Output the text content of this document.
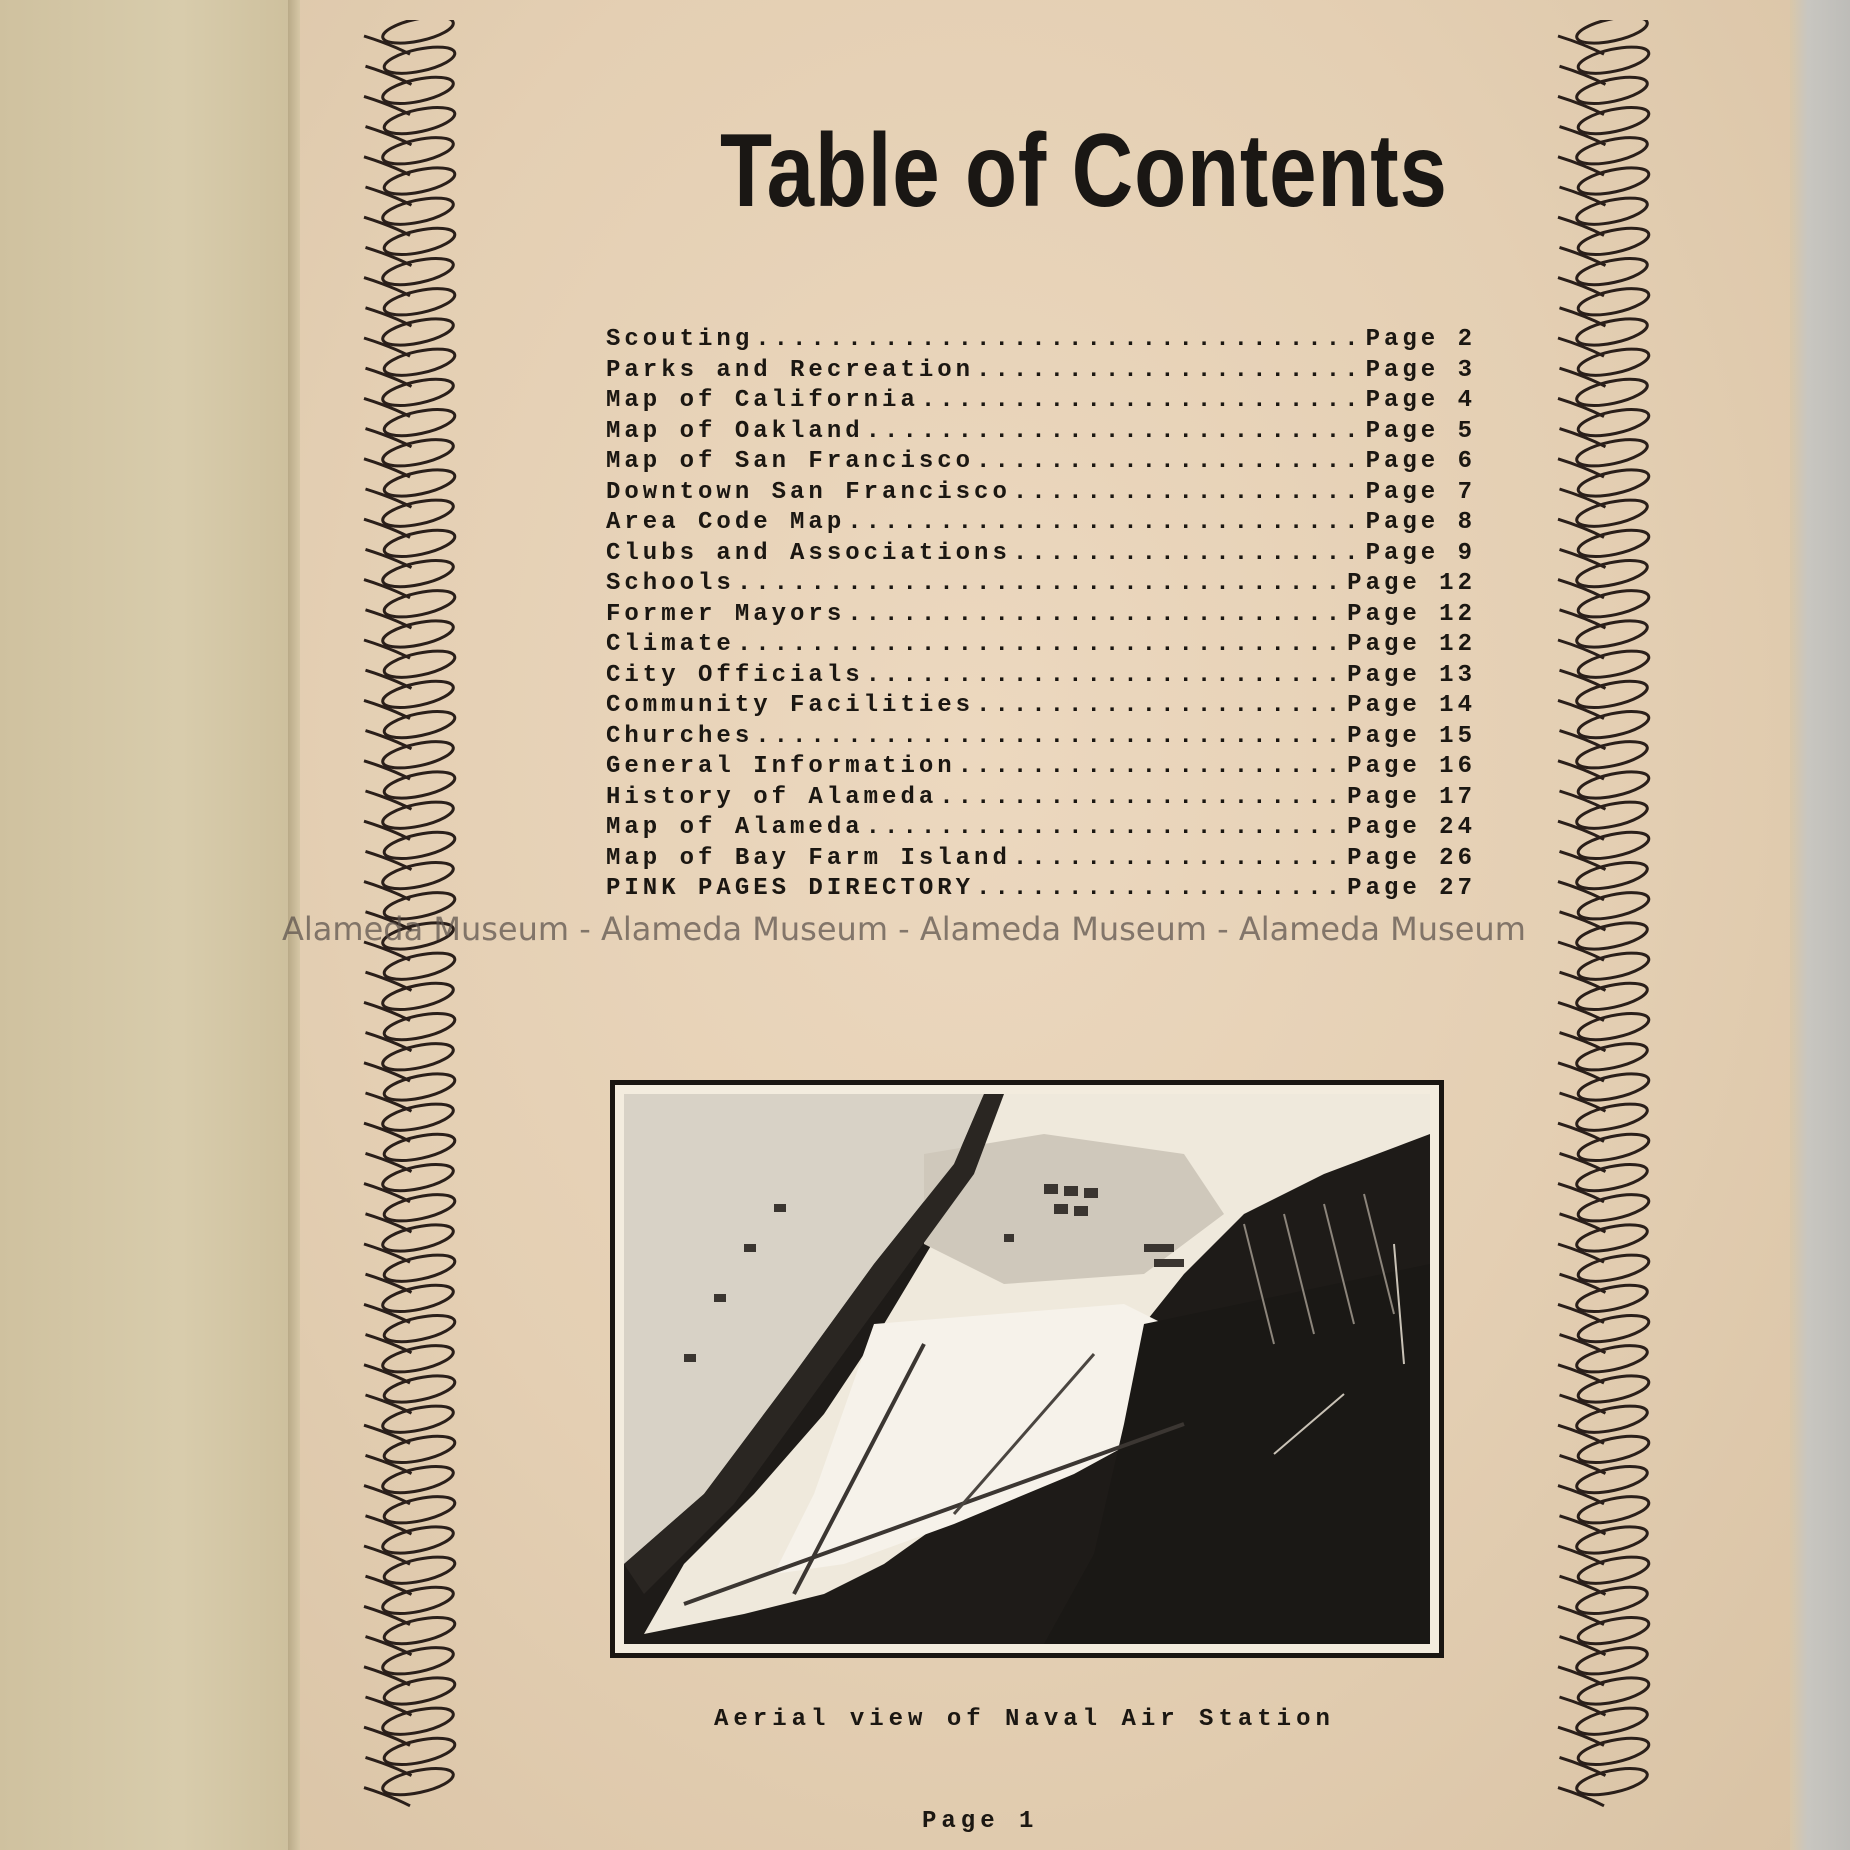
Table of Contents
Scouting .....	Page 2
Parks and Recreation .....	Page 3
Map of California .....	Page 4
Map of Oakland .....	Page 5
Map of San Francisco .....	Page 6
Downtown San Francisco .....	Page 7
Area Code Map .....	Page 8
Clubs and Associations .....	Page 9
Schools .....	Page 12
Former Mayors .....	Page 12
Climate .....	Page 12
City Officials .....	Page 13
Community Facilities .....	Page 14
Churches .....	Page 15
General Information .....	Page 16
History of Alameda .....	Page 17
Map of Alameda .....	Page 24
Map of Bay Farm Island .....	Page 26
PINK PAGES DIRECTORY .....	Page 27
Alameda Museum - Alameda Museum - Alameda Museum - Alameda Museum
Aerial view of Naval Air Station
Page 1
